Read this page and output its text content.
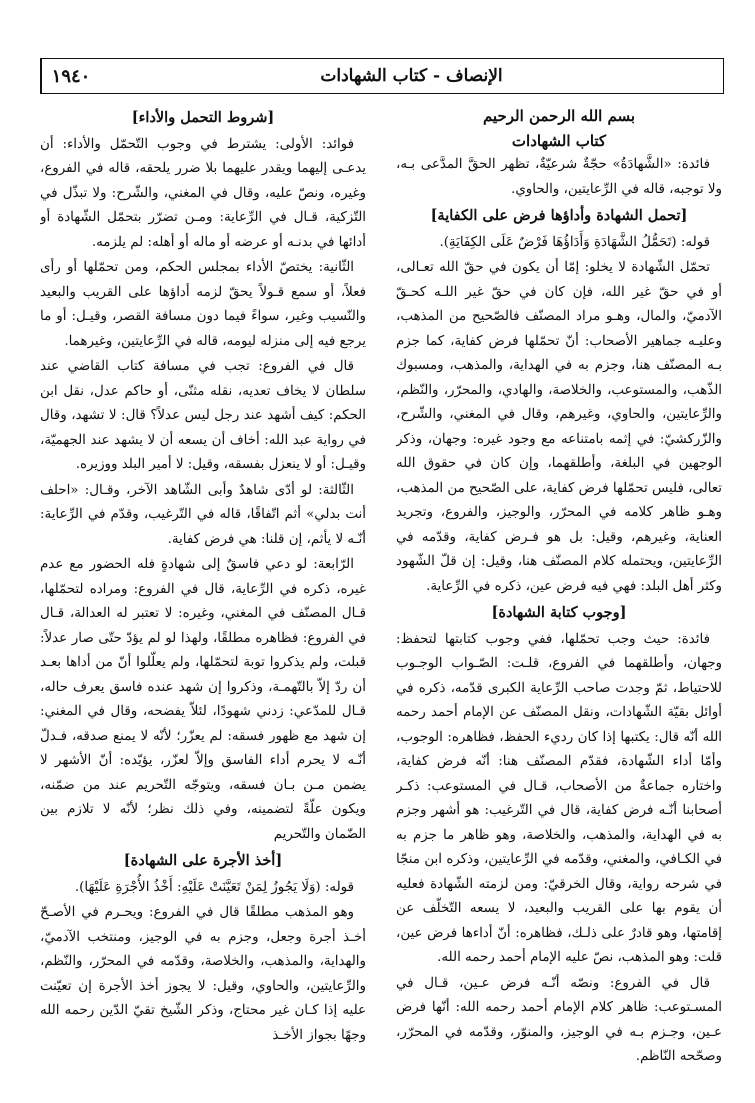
١٩٤٠	الإنصاف - كتاب الشهادات
بسم الله الرحمن الرحيم
كتاب الشهادات

فائدة: «الشَّهادَةُ» حجّةٌ شرعيّةٌ، تظهر الحقَّ المدَّعى بـه، ولا توجبه، قاله في الرِّعايتين، والحاوي.

[تحمل الشهادة وأداؤها فرض على الكفاية]

قوله: (تَحَمُّلُ الشَّهَادَةِ وَأَدَاؤُهَا فَرْضٌ عَلَى الكِفَايَةِ).

تحمّل الشّهادة لا يخلو: إمّا أن يكون في حقّ الله تعـالى، أو في حقّ غير الله، فإن كان في حقّ غير اللـه كحـقّ الآدميّ، والمال، وهـو مراد المصنّف فالصّحيح من المذهب، وعليـه جماهير الأصحاب: أنّ تحمّلها فرض كفاية، كما جزم بـه المصنّف هنا، وجزم به في الهداية، والمذهب، ومسبوك الذّهب، والمستوعب، والخلاصة، والهادي، والمحرّر، والنّظم، والرِّعايتين، والحاوي، وغيرهم، وقال في المغني، والشّرح، والزّركشيّ: في إثمه بامتناعه مع وجود غيره: وجهان، وذكر الوجهين في البلغة، وأطلقهما، وإن كان في حقوق الله تعالى، فليس تحمّلها فرض كفاية، على الصّحيح من المذهب، وهـو ظاهر كلامه في المحرّر، والوجيز، والفروع، وتجريد العناية، وغيرهم، وقيل: بل هو فـرض كفاية، وقدّمه في الرِّعايتين، ويحتمله كلام المصنّف هنا، وقيل: إن قلّ الشّهود وكثر أهل البلد: فهي فيه فرض عين، ذكره في الرِّعاية.

[وجوب كتابة الشهادة]

فائدة: حيث وجب تحمّلها، ففي وجوب كتابتها لتحفظ: وجهان، وأطلقهما في الفروع، قلـت: الصّـواب الوجـوب للاحتياط، ثمّ وجدت صاحب الرِّعاية الكبرى قدّمه، ذكره في أوائل بقيّة الشّهادات، ونقل المصنّف عن الإمام أحمد رحمه الله أنّه قال: يكتبها إذا كان رديء الحفظ، فظاهره: الوجوب، وأمّا أداء الشّهادة، فقدّم المصنّف هنا: أنّه فرض كفاية، واختاره جماعةٌ من الأصحاب، قـال في المستوعب: ذكـر أصحابنا أنّـه فرض كفاية، قال في التّرغيب: هو أشهر وجزم به في الهداية، والمذهب، والخلاصة، وهو ظاهر ما جزم به في الكـافي، والمغني، وقدّمه في الرِّعايتين، وذكره ابن منجّا في شرحه رواية، وقال الخرقيّ: ومن لزمته الشّهادة فعليه أن يقوم بها على القريب والبعيد، لا يسعه التّخلّف عن إقامتها، وهو قادرٌ على ذلـك، فظاهره: أنّ أداءها فرض عين، قلت: وهو المذهب، نصّ عليه الإمام أحمد رحمه الله.

قال في الفروع: ونصّه أنّـه فرض عـين، قـال في المسـتوعب: ظاهر كلام الإمام أحمد رحمه الله: أنّها فرض عـين، وجـزم بـه في الوجيز، والمنوّر، وقدّمه في المحرّر، وصحّحه النّاظم.

[شروط التحمل والأداء]

فوائد: الأولى: يشترط في وجوب التّحمّل والأداء: أن يدعـى إليهما ويقدر عليهما بلا ضرر يلحقه، قاله في الفروع، وغيره، ونصّ عليه، وقال في المغني، والشّرح: ولا تبذّل في التّزكية، قـال في الرِّعاية: ومـن تضرّر بتحمّل الشّهادة أو أدائها في بدنـه أو عرضه أو ماله أو أهله: لم يلزمه.

الثّانية: يختصّ الأداء بمجلس الحكم، ومن تحمّلها أو رأى فعلاً، أو سمع قـولاً يحقّ لزمه أداؤها على القريب والبعيد والنّسيب وغير، سواءً فيما دون مسافة القصر، وقيـل: أو ما يرجع فيه إلى منزله ليومه، قاله في الرِّعايتين، وغيرهما.

قال في الفروع: تجب في مسافة كتاب القاضي عند سلطان لا يخاف تعديه، نقله مثنّى، أو حاكم عدل، نقل ابن الحكم: كيف أشهد عند رجل ليس عدلاً؟ قال: لا تشهد، وقال في رواية عبد الله: أخاف أن يسعه أن لا يشهد عند الجهميّة، وقيـل: أو لا ينعزل بفسقه، وقيل: لا أمير البلد ووزيره.

الثّالثة: لو أدّى شاهدٌ وأبى الشّاهد الآخر، وقـال: «احلف أنت بدلي» أثم اتّفاقًا، قاله في التّرغيب، وقدّم في الرِّعاية: أنّـه لا يأثم، إن قلنا: هي فرض كفاية.

الرّابعة: لو دعي فاسقٌ إلى شهادةٍ فله الحضور مع عدم غيره، ذكره في الرِّعاية، قال في الفروع: ومراده لتحمّلها، قـال المصنّف في المغني، وغيره: لا تعتبر له العدالة، قـال في الفروع: فظاهره مطلقًا، ولهذا لو لم يؤدّ حتّى صار عدلاً: قبلت، ولم يذكروا توبة لتحمّلها، ولم يعلّلوا أنّ من أداها بعـد أن ردّ إلاّ بالتّهمـة، وذكروا إن شهد عنده فاسق يعرف حاله، قـال للمدّعي: زدني شهودًا، لئلاّ يفضحه، وقال في المغني: إن شهد مع ظهور فسقه: لم يعزّر؛ لأنّه لا يمنع صدقه، فـدلّ أنّـه لا يحرم أداء الفاسق وإلاّ لعزّر، يؤيّده: أنّ الأشهر لا يضمن مـن بـان فسقه، ويتوجّه التّحريم عند من ضمّنه، ويكون علّةً لتضمينه، وفي ذلك نظر؛ لأنّه لا تلازم بين الضّمان والتّحريم

[أخذ الأجرة على الشهادة]

قوله: (وَلَا يَجُوزُ لِمَنْ تَعَيَّنَتْ عَلَيْهِ: أَخْذُ الأُجْرَةِ عَلَيْهَا).

وهو المذهب مطلقًا قال في الفروع: ويحـرم في الأصـحّ أخـذ أجرة وجعل، وجزم به في الوجيز، ومنتخب الآدميّ، والهداية، والمذهب، والخلاصة، وقدّمه في المحرّر، والنّظم، والرِّعايتين، والحاوي، وقيل: لا يجوز أخذ الأجرة إن تعيّنت عليه إذا كـان غير محتاج، وذكر الشّيخ تقيّ الدّين رحمه الله وجهًا بجواز الأخـذ
